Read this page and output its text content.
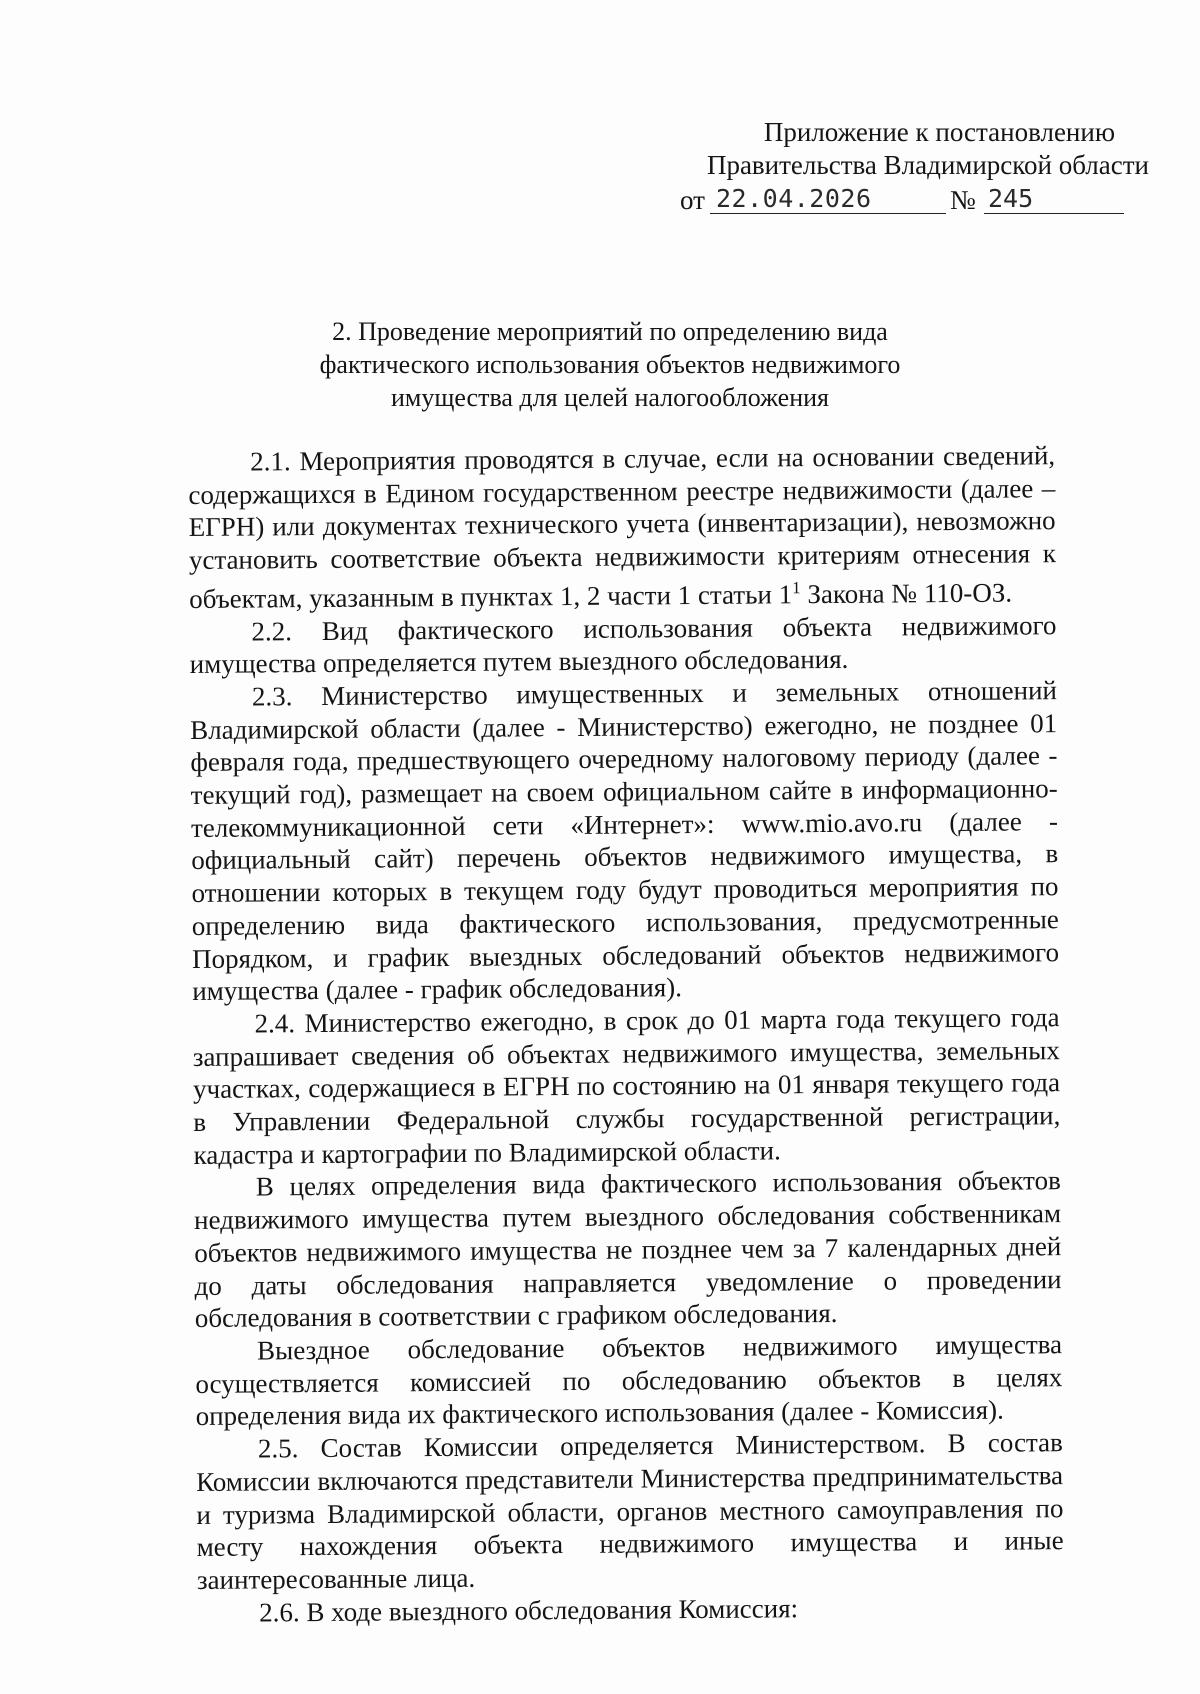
Приложение к постановлению
Правительства Владимирской области
от 22.04.2026	№ 245
2. Проведение мероприятий по определению вида
фактического использования объектов недвижимого
имущества для целей налогообложения

2.1. Мероприятия проводятся в случае, если на основании сведений, содержащихся в Едином государственном реестре недвижимости (далее – ЕГРН) или документах технического учета (инвентаризации), невозможно установить соответствие объекта недвижимости критериям отнесения к объектам, указанным в пунктах 1, 2 части 1 статьи $1^1$ Закона № 110-ОЗ.

2.2. Вид фактического использования объекта недвижимого имущества определяется путем выездного обследования.

2.3. Министерство имущественных и земельных отношений Владимирской области (далее - Министерство) ежегодно, не позднее 01 февраля года, предшествующего очередному налоговому периоду (далее - текущий год), размещает на своем официальном сайте в информационно-телекоммуникационной сети «Интернет»: www.mio.avo.ru (далее - официальный сайт) перечень объектов недвижимого имущества, в отношении которых в текущем году будут проводиться мероприятия по определению вида фактического использования, предусмотренные Порядком, и график выездных обследований объектов недвижимого имущества (далее - график обследования).

2.4. Министерство ежегодно, в срок до 01 марта года текущего года запрашивает сведения об объектах недвижимого имущества, земельных участках, содержащиеся в ЕГРН по состоянию на 01 января текущего года в Управлении Федеральной службы государственной регистрации, кадастра и картографии по Владимирской области.

В целях определения вида фактического использования объектов недвижимого имущества путем выездного обследования собственникам объектов недвижимого имущества не позднее чем за 7 календарных дней до даты обследования направляется уведомление о проведении обследования в соответствии с графиком обследования.

Выездное обследование объектов недвижимого имущества осуществляется комиссией по обследованию объектов в целях определения вида их фактического использования (далее - Комиссия).

2.5. Состав Комиссии определяется Министерством. В состав Комиссии включаются представители Министерства предпринимательства и туризма Владимирской области, органов местного самоуправления по месту нахождения объекта недвижимого имущества и иные заинтересованные лица.

2.6. В ходе выездного обследования Комиссия:
